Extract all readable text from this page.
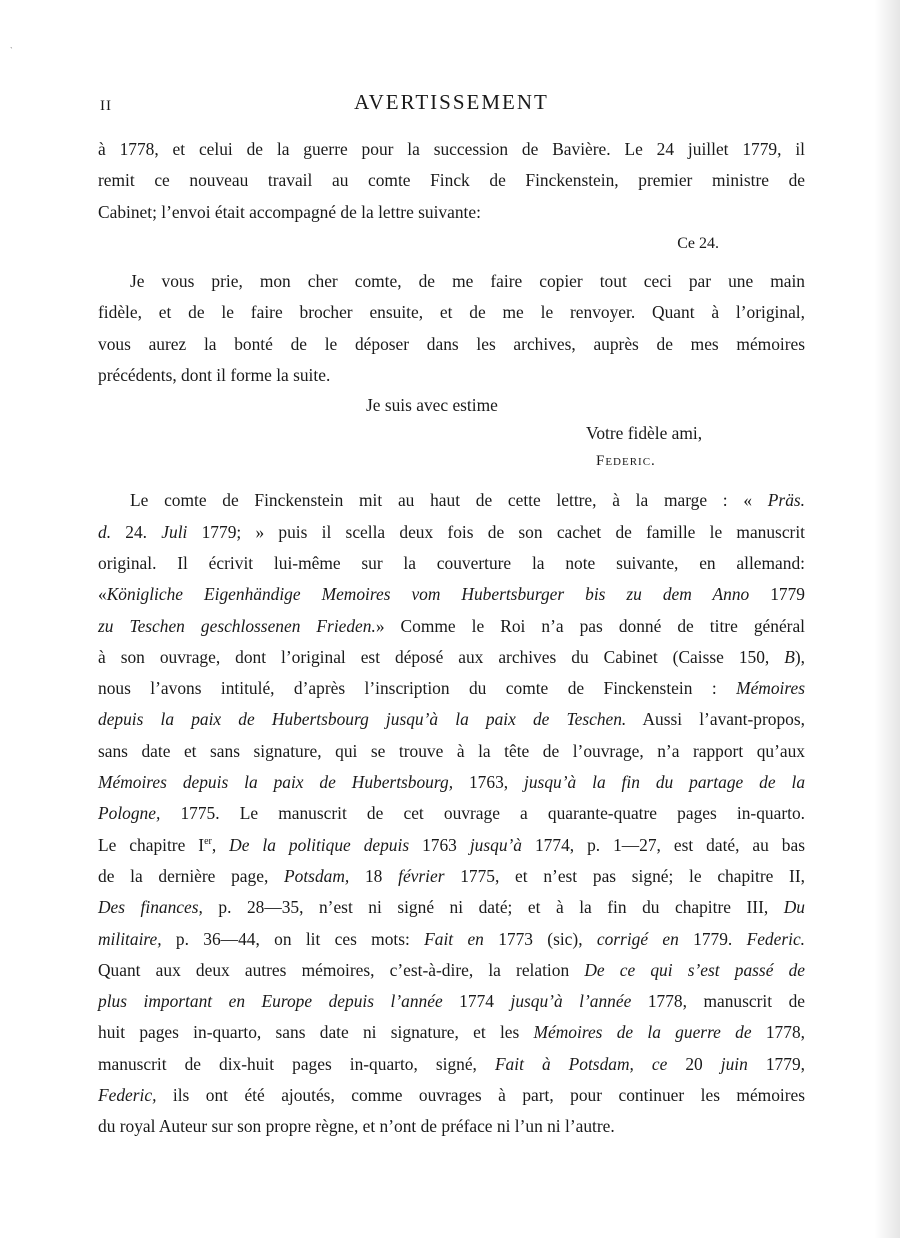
`
II	AVERTISSEMENT
à 1778, et celui de la guerre pour la succession de Bavière. Le 24 juillet 1779, il
remit ce nouveau travail au comte Finck de Finckenstein, premier ministre de
Cabinet; l’envoi était accompagné de la lettre suivante:
Ce 24.
Je vous prie, mon cher comte, de me faire copier tout ceci par une main
fidèle, et de le faire brocher ensuite, et de me le renvoyer. Quant à l’original,
vous aurez la bonté de le déposer dans les archives, auprès de mes mémoires
précédents, dont il forme la suite.
Je suis avec estime
Votre fidèle ami,
Federic.
Le comte de Finckenstein mit au haut de cette lettre, à la marge : « Präs.
d. 24. Juli 1779; » puis il scella deux fois de son cachet de famille le manuscrit
original. Il écrivit lui-même sur la couverture la note suivante, en allemand:
«Königliche Eigenhändige Memoires vom Hubertsburger bis zu dem Anno 1779
zu Teschen geschlossenen Frieden.» Comme le Roi n’a pas donné de titre général
à son ouvrage, dont l’original est déposé aux archives du Cabinet (Caisse 150, B),
nous l’avons intitulé, d’après l’inscription du comte de Finckenstein : Mémoires
depuis la paix de Hubertsbourg jusqu’à la paix de Teschen. Aussi l’avant-propos,
sans date et sans signature, qui se trouve à la tête de l’ouvrage, n’a rapport qu’aux
Mémoires depuis la paix de Hubertsbourg, 1763, jusqu’à la fin du partage de la
Pologne, 1775. Le manuscrit de cet ouvrage a quarante-quatre pages in-quarto.
Le chapitre Ier, De la politique depuis 1763 jusqu’à 1774, p. 1—27, est daté, au bas
de la dernière page, Potsdam, 18 février 1775, et n’est pas signé; le chapitre II,
Des finances, p. 28—35, n’est ni signé ni daté; et à la fin du chapitre III, Du
militaire, p. 36—44, on lit ces mots: Fait en 1773 (sic), corrigé en 1779. Federic.
Quant aux deux autres mémoires, c’est-à-dire, la relation De ce qui s’est passé de
plus important en Europe depuis l’année 1774 jusqu’à l’année 1778, manuscrit de
huit pages in-quarto, sans date ni signature, et les Mémoires de la guerre de 1778,
manuscrit de dix-huit pages in-quarto, signé, Fait à Potsdam, ce 20 juin 1779,
Federic, ils ont été ajoutés, comme ouvrages à part, pour continuer les mémoires
du royal Auteur sur son propre règne, et n’ont de préface ni l’un ni l’autre.
